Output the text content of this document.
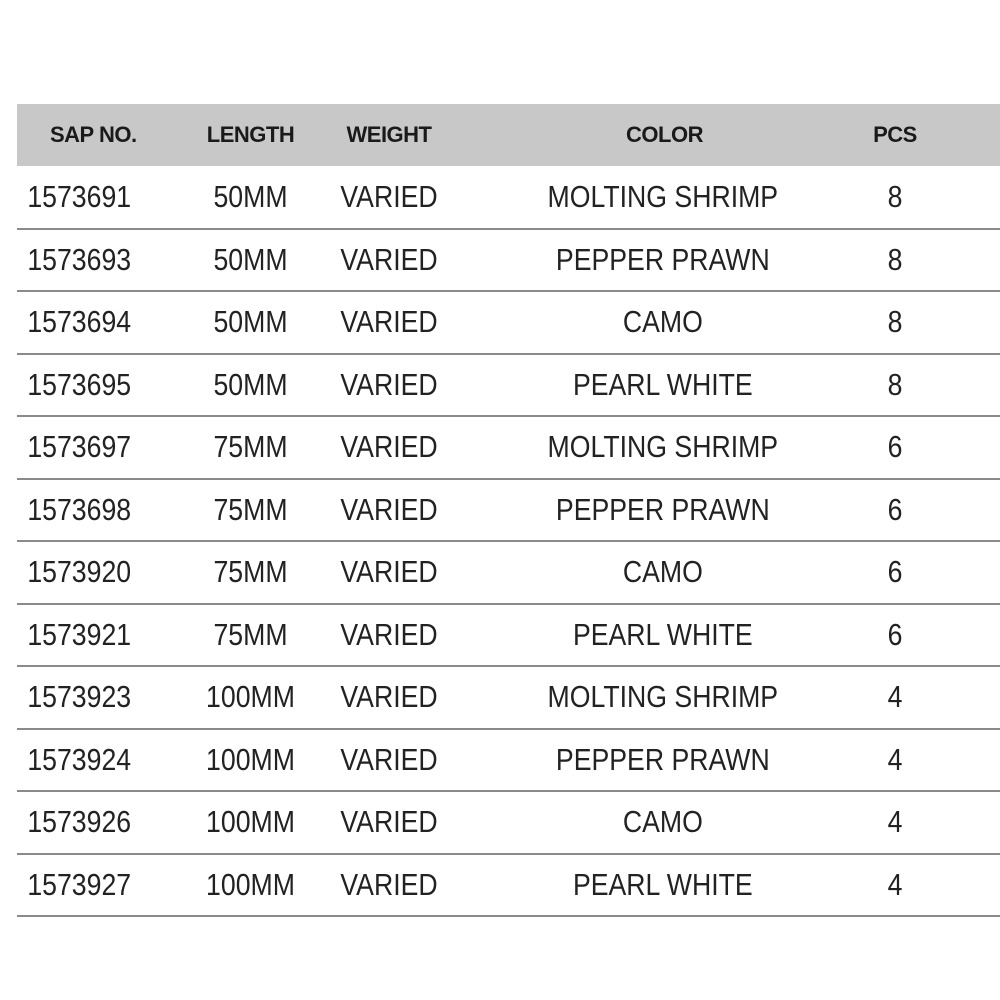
SAP NO.	LENGTH	WEIGHT	COLOR	PCS	
1573691	50MM	VARIED	MOLTING SHRIMP	8	
1573693	50MM	VARIED	PEPPER PRAWN	8	
1573694	50MM	VARIED	CAMO	8	
1573695	50MM	VARIED	PEARL WHITE	8	
1573697	75MM	VARIED	MOLTING SHRIMP	6	
1573698	75MM	VARIED	PEPPER PRAWN	6	
1573920	75MM	VARIED	CAMO	6	
1573921	75MM	VARIED	PEARL WHITE	6	
1573923	100MM	VARIED	MOLTING SHRIMP	4	
1573924	100MM	VARIED	PEPPER PRAWN	4	
1573926	100MM	VARIED	CAMO	4	
1573927	100MM	VARIED	PEARL WHITE	4	
